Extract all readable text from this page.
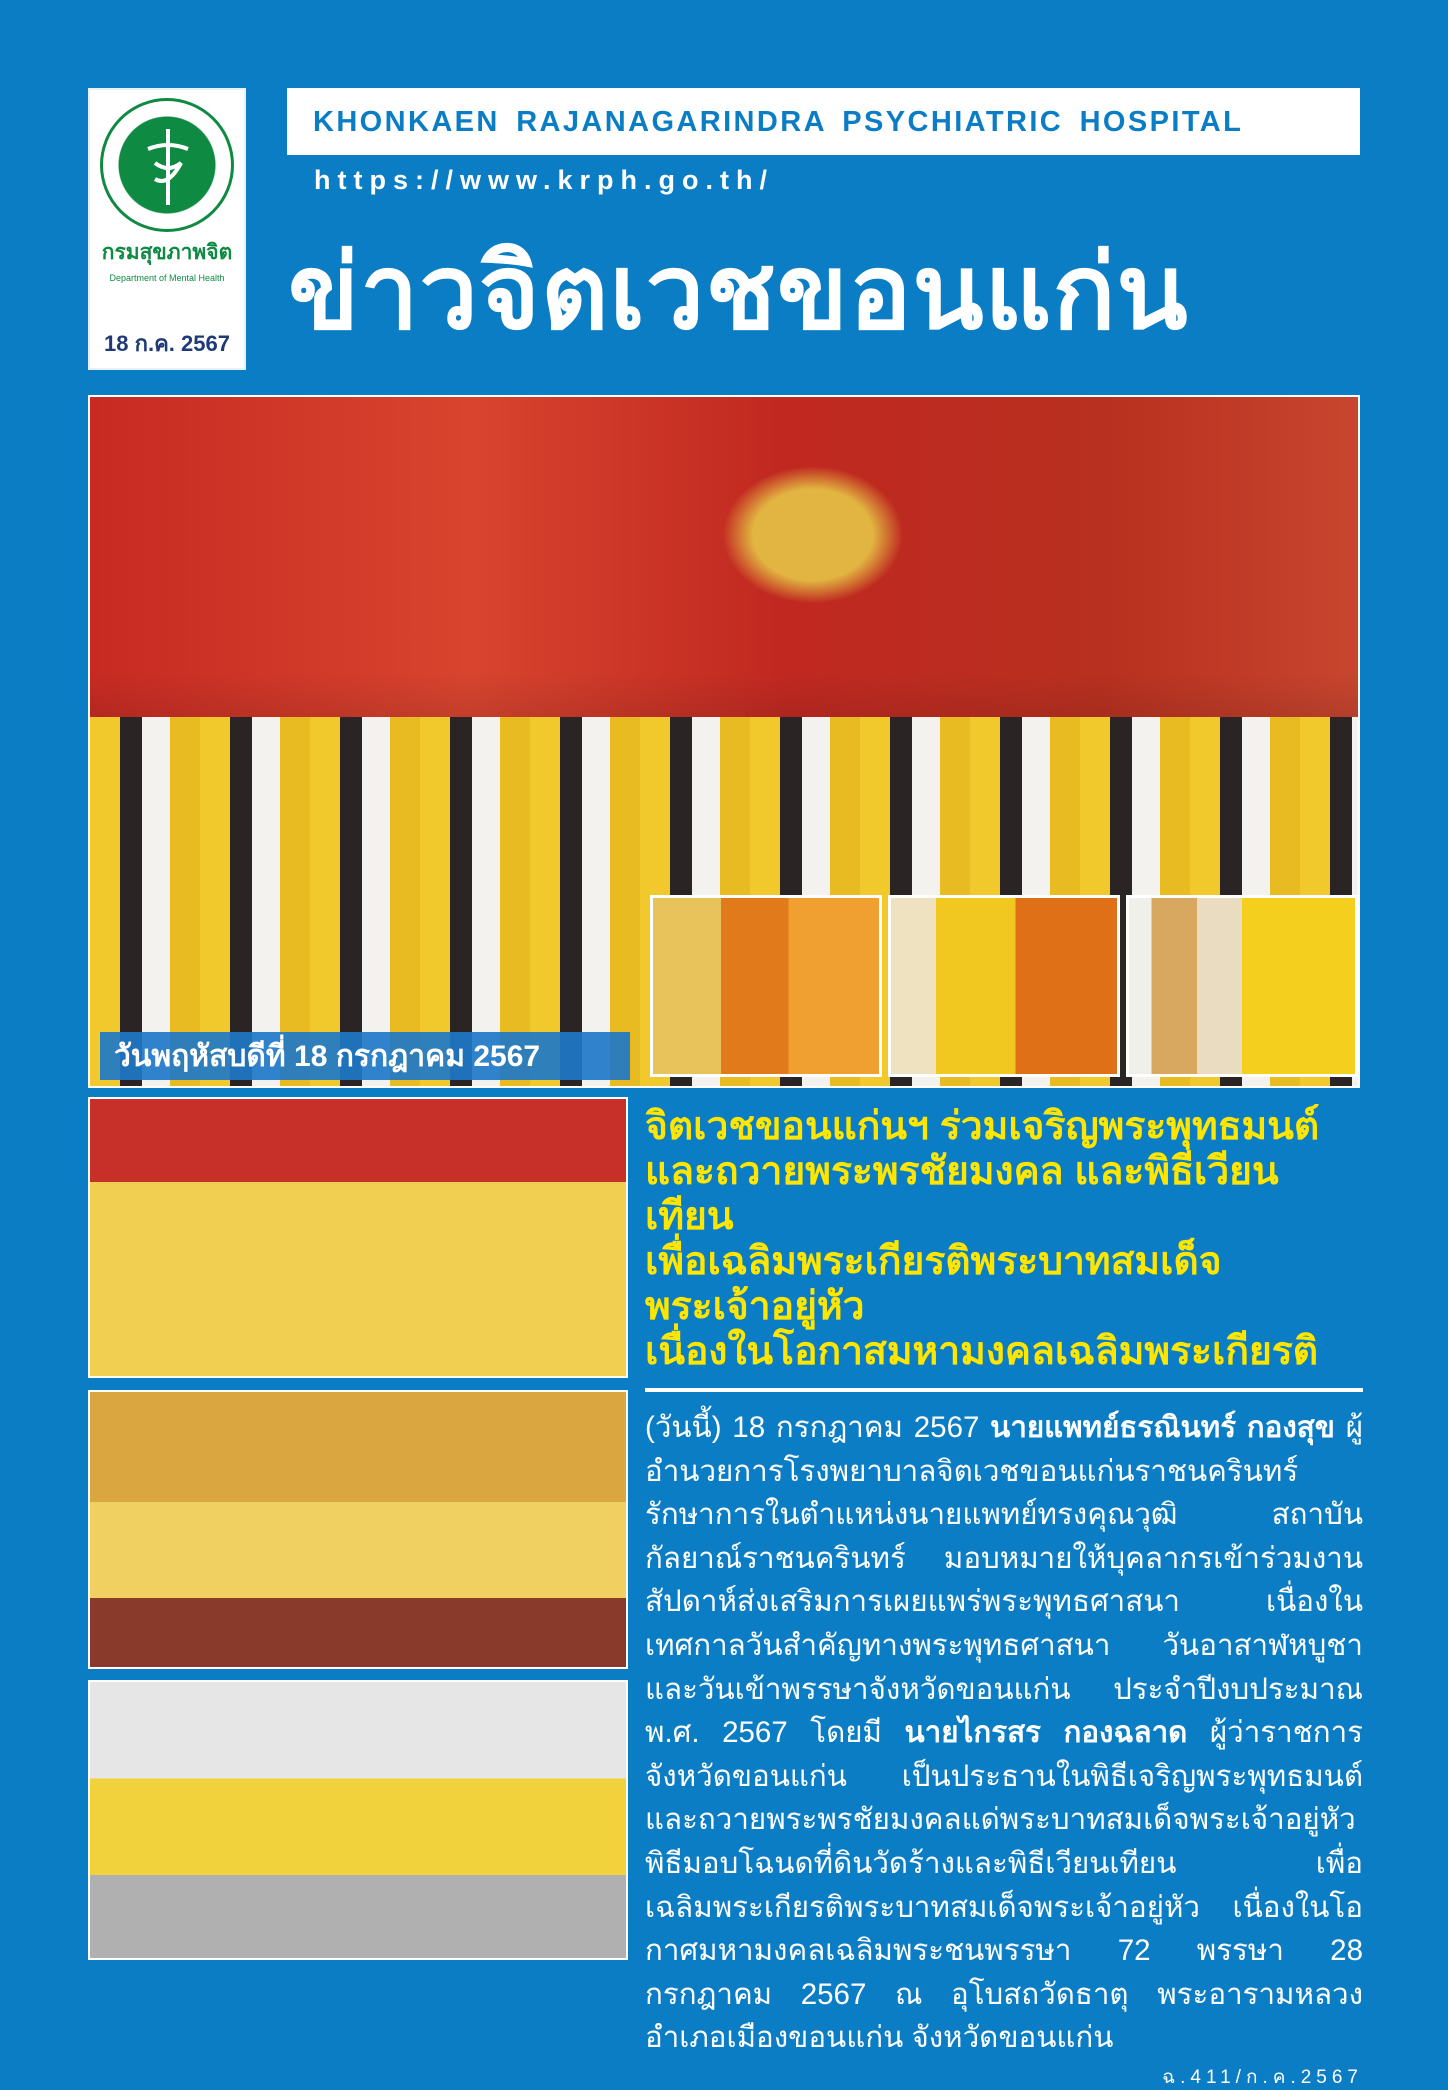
กรมสุขภาพจิต
Department of Mental Health
18 ก.ค. 2567
KHONKAEN RAJANAGARINDRA PSYCHIATRIC HOSPITAL
https://www.krph.go.th/
ข่าวจิตเวชขอนแก่น
วันพฤหัสบดีที่ 18 กรกฎาคม 2567
จิตเวชขอนแก่นฯ ร่วมเจริญพระพุทธมนต์
และถวายพระพรชัยมงคล และพิธีเวียนเทียน
เพื่อเฉลิมพระเกียรติพระบาทสมเด็จพระเจ้าอยู่หัว
เนื่องในโอกาสมหามงคลเฉลิมพระเกียรติ
(วันนี้) 18 กรกฎาคม 2567 นายแพทย์ธรณินทร์ กองสุข ผู้อำนวยการโรงพยาบาลจิตเวชขอนแก่นราชนครินทร์ รักษาการในตำแหน่งนายแพทย์ทรงคุณวุฒิ สถาบันกัลยาณ์ราชนครินทร์ มอบหมายให้บุคลากรเข้าร่วมงานสัปดาห์ส่งเสริมการเผยแพร่พระพุทธศาสนา เนื่องในเทศกาลวันสำคัญทางพระพุทธศาสนา วันอาสาฬหบูชาและวันเข้าพรรษาจังหวัดขอนแก่น ประจำปีงบประมาณ พ.ศ. 2567 โดยมี นายไกรสร กองฉลาด ผู้ว่าราชการจังหวัดขอนแก่น เป็นประธานในพิธีเจริญพระพุทธมนต์และถวายพระพรชัยมงคลแด่พระบาทสมเด็จพระเจ้าอยู่หัว พิธีมอบโฉนดที่ดินวัดร้างและพิธีเวียนเทียน เพื่อเฉลิมพระเกียรติพระบาทสมเด็จพระเจ้าอยู่หัว เนื่องในโอกาศมหามงคลเฉลิมพระชนพรรษา 72 พรรษา 28 กรกฎาคม 2567 ณ อุโบสถวัดธาตุ พระอารามหลวง อำเภอเมืองขอนแก่น จังหวัดขอนแก่น
ฉ.411/ก.ค.2567
